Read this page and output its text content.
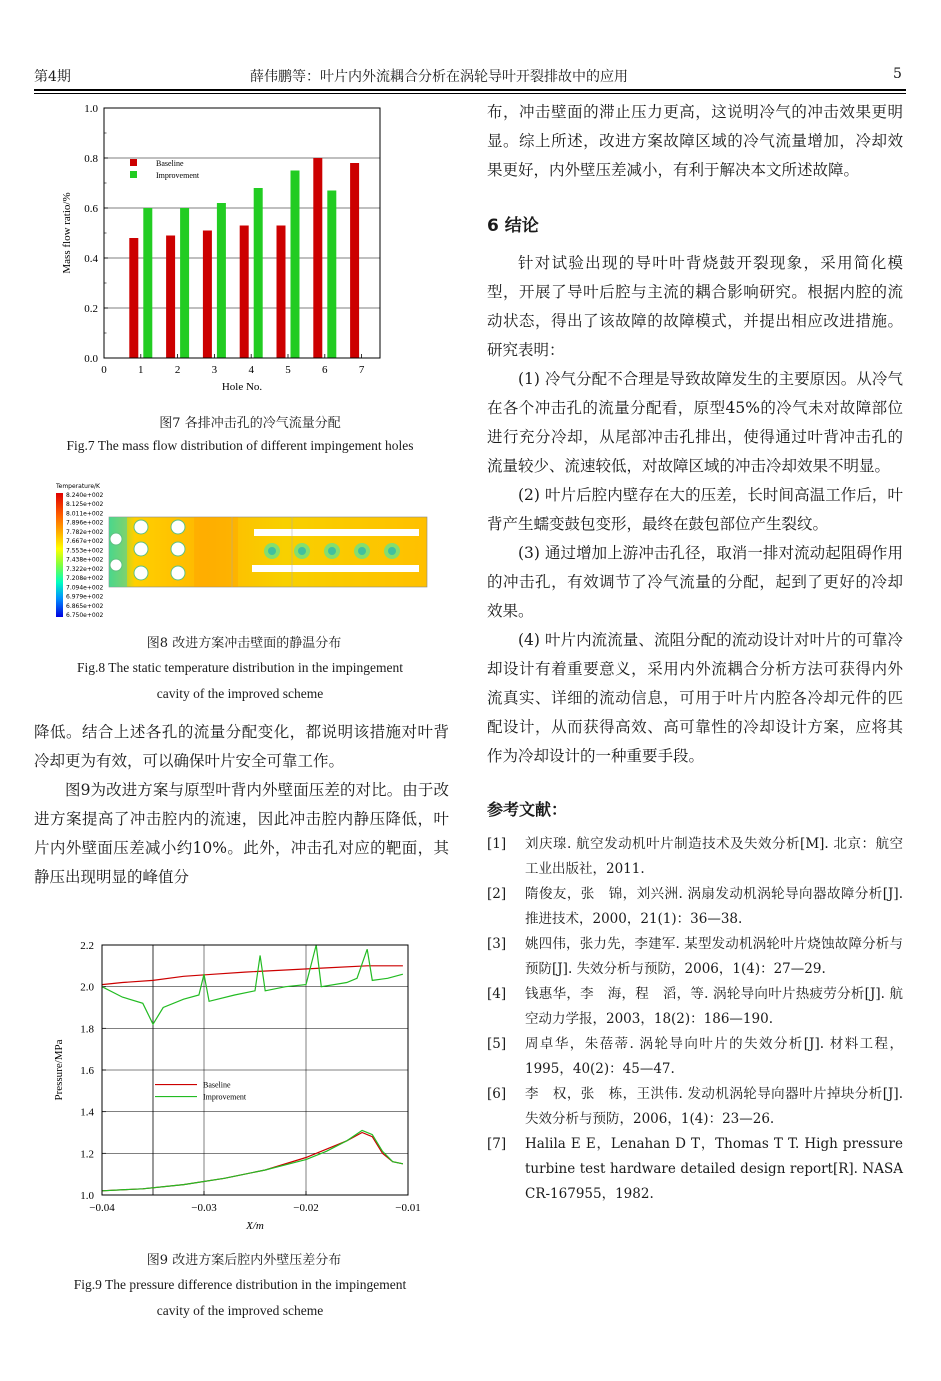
第4期	薛伟鹏等：叶片内外流耦合分析在涡轮导叶开裂排故中的应用	5
0.0
0.2
0.4
0.6
0.8
1.0
0	1	2	3	4	5	6	7
Baseline
Improvement
Hole No.
Mass flow ratio/%
图7 各排冲击孔的冷气流量分配
Fig.7 The mass flow distribution of different impingement holes
Temperature/K
8.240e+002
8.125e+002
8.011e+002
7.896e+002
7.782e+002
7.667e+002
7.553e+002
7.438e+002
7.322e+002
7.208e+002
7.094e+002
6.979e+002
6.865e+002
6.750e+002
图8 改进方案冲击壁面的静温分布
Fig.8 The static temperature distribution in the impingement
cavity of the improved scheme

降低。结合上述各孔的流量分配变化，都说明该措施对叶背冷却更为有效，可以确保叶片安全可靠工作。

图9为改进方案与原型叶背内外壁面压差的对比。由于改进方案提高了冲击腔内的流速，因此冲击腔内静压降低，叶片内外壁面压差减小约10%。此外，冲击孔对应的靶面，其静压出现明显的峰值分

1.0
1.2
1.4
1.6
1.8
2.0
2.2
−0.04	−0.03	−0.02	−0.01
Baseline
Improvement
X/m
Pressure/MPa
图9 改进方案后腔内外壁压差分布
Fig.9 The pressure difference distribution in the impingement
cavity of the improved scheme

布，冲击壁面的滞止压力更高，这说明冷气的冲击效果更明显。综上所述，改进方案故障区域的冷气流量增加，冷却效果更好，内外壁压差减小，有利于解决本文所述故障。

6 结论

针对试验出现的导叶叶背烧鼓开裂现象，采用简化模型，开展了导叶后腔与主流的耦合影响研究。根据内腔的流动状态，得出了该故障的故障模式，并提出相应改进措施。研究表明：

(1) 冷气分配不合理是导致故障发生的主要原因。从冷气在各个冲击孔的流量分配看，原型45%的冷气未对故障部位进行充分冷却，从尾部冲击孔排出，使得通过叶背冲击孔的流量较少、流速较低，对故障区域的冲击冷却效果不明显。

(2) 叶片后腔内壁存在大的压差，长时间高温工作后，叶背产生蠕变鼓包变形，最终在鼓包部位产生裂纹。

(3) 通过增加上游冲击孔径，取消一排对流动起阻碍作用的冲击孔，有效调节了冷气流量的分配，起到了更好的冷却效果。

(4) 叶片内流流量、流阻分配的流动设计对叶片的可靠冷却设计有着重要意义，采用内外流耦合分析方法可获得内外流真实、详细的流动信息，可用于叶片内腔各冷却元件的匹配设计，从而获得高效、高可靠性的冷却设计方案，应将其作为冷却设计的一种重要手段。

参考文献：
[1]	刘庆瑔. 航空发动机叶片制造技术及失效分析[M]. 北京：航空工业出版社，2011.
[2]	隋俊友，张　锦，刘兴洲. 涡扇发动机涡轮导向器故障分析[J]. 推进技术，2000，21(1)：36—38.
[3]	姚四伟，张力先，李建军. 某型发动机涡轮叶片烧蚀故障分析与预防[J]. 失效分析与预防，2006，1(4)：27—29.
[4]	钱惠华，李　海，程　滔，等. 涡轮导向叶片热疲劳分析[J]. 航空动力学报，2003，18(2)：186—190.
[5]	周卓华，朱蓓蒂. 涡轮导向叶片的失效分析[J]. 材料工程，1995，40(2)：45—47.
[6]	李　权，张　栋，王洪伟. 发动机涡轮导向器叶片掉块分析[J]. 失效分析与预防，2006，1(4)：23—26.
[7]	Halila E E，Lenahan D T，Thomas T T. High pressure turbine test hardware detailed design report[R]. NASA CR-167955，1982.
